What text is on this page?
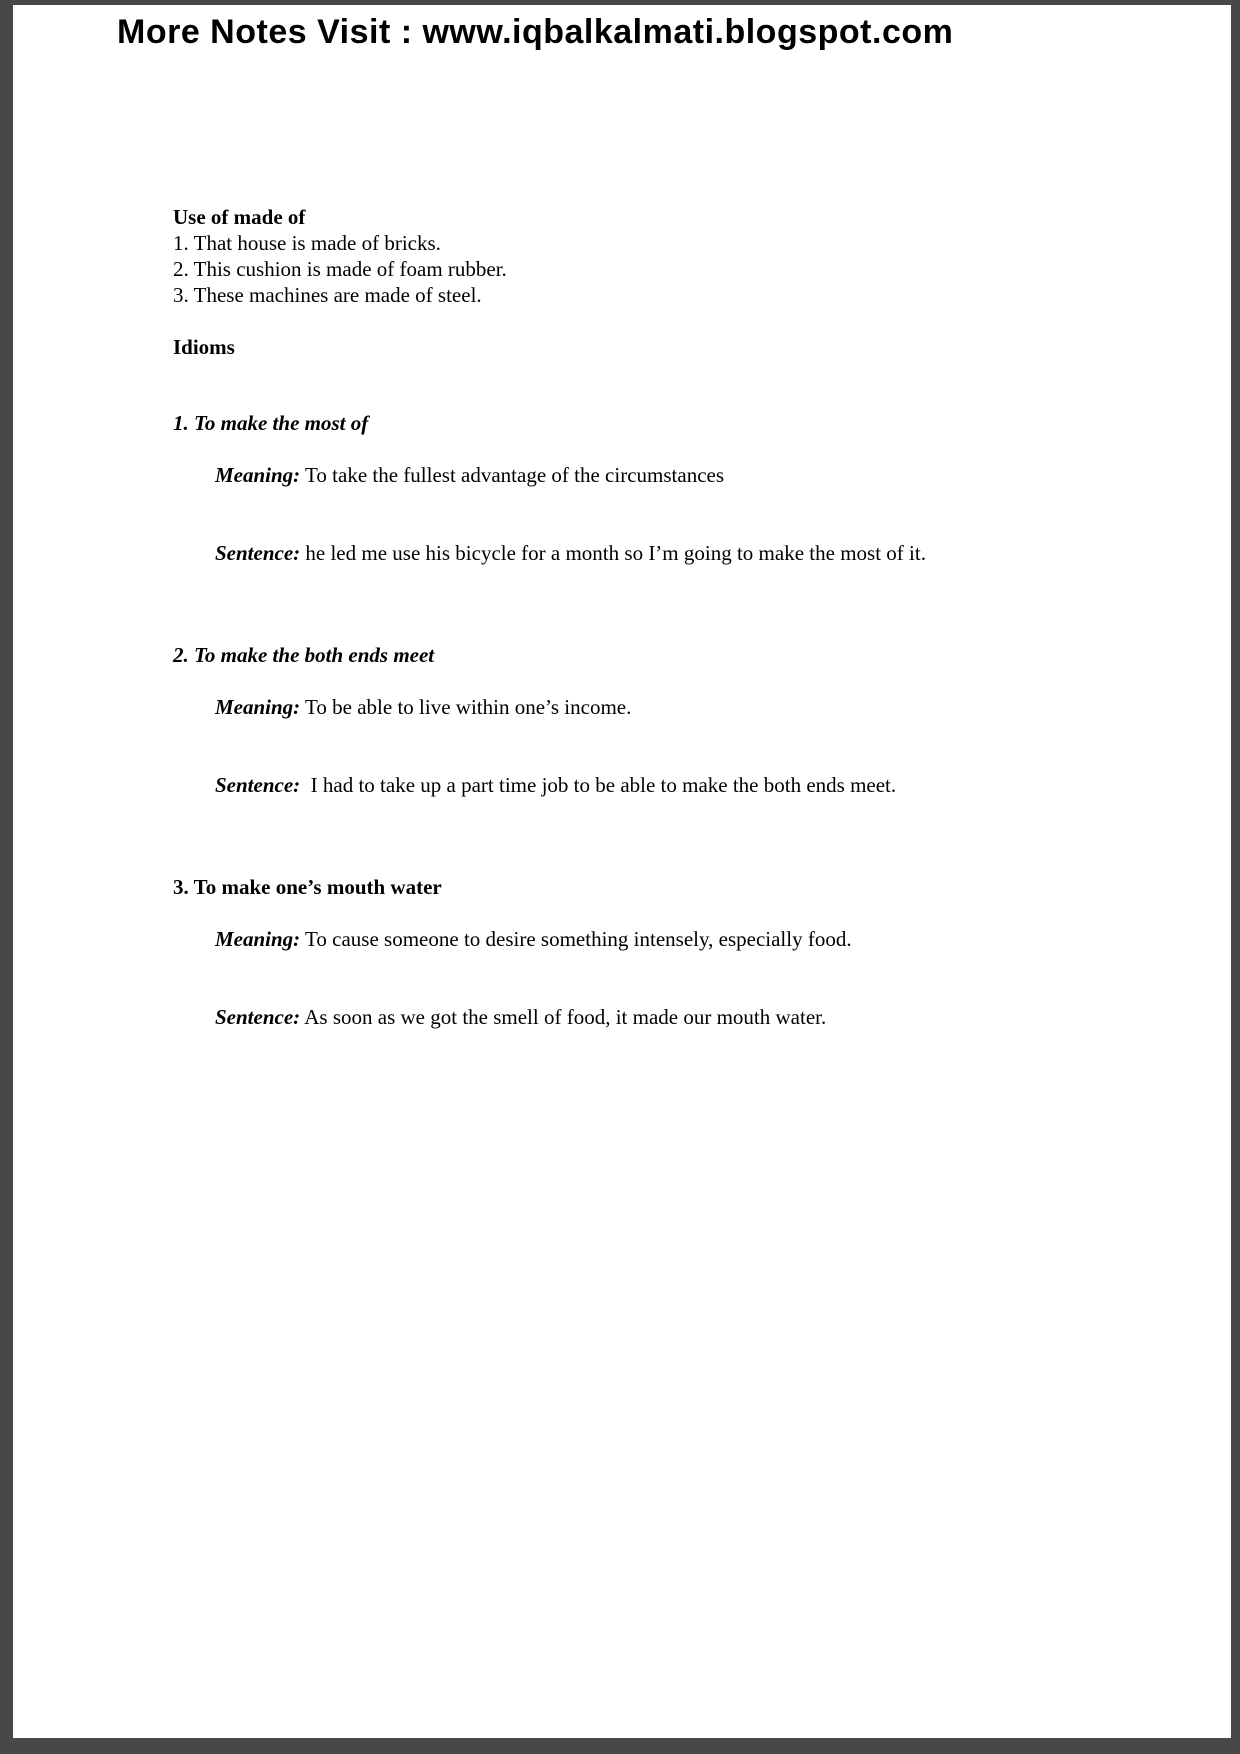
More Notes Visit : www.iqbalkalmati.blogspot.com
Use of made of
1. That house is made of bricks.
2. This cushion is made of foam rubber.
3. These machines are made of steel.
Idioms
1. To make the most of

Meaning: To take the fullest advantage of the circumstances

Sentence: he led me use his bicycle for a month so I’m going to make the most of it.

2. To make the both ends meet

Meaning: To be able to live within one’s income.

Sentence:  I had to take up a part time job to be able to make the both ends meet.

3. To make one’s mouth water

Meaning: To cause someone to desire something intensely, especially food.

Sentence: As soon as we got the smell of food, it made our mouth water.
